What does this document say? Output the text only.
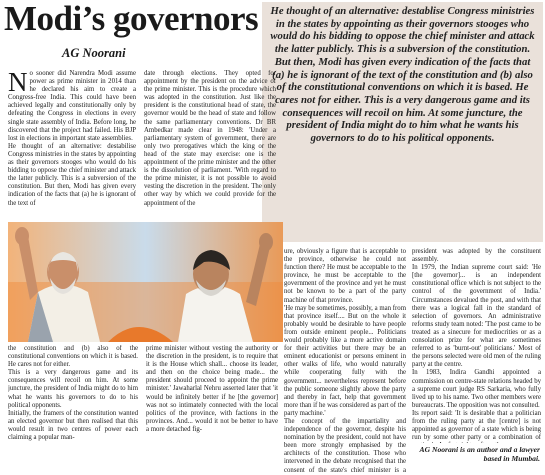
Modi’s governors
AG Noorani
He thought of an alternative: destablise Congress ministries in the states by appointing as their governors stooges who would do his bidding to oppose the chief minister and attack the latter publicly. This is a subversion of the constitution. But then, Modi has given every indication of the facts that (a) he is ignorant of the text of the constitution and (b) also of the constitutional conventions on which it is based. He cares not for either. This is a very dangerous game and its consequences will recoil on him. At some juncture, the president of India might do to him what he wants his governors to do to his political opponents.

No sooner did Narendra Modi assume power as prime minister in 2014 than he declared his aim to create a Congress-free India. This could have been achieved legally and constitutionally only by defeating the Congress in elections in every single state assembly of India. Before long, he discovered that the project had failed. His BJP lost in elections in important state assemblies.

He thought of an alternative: destabilise Congress ministries in the states by appointing as their governors stooges who would do his bidding to oppose the chief minister and attack the latter publicly. This is a subversion of the constitution. But then, Modi has given every indication of the facts that (a) he is ignorant of the text of

date through elections. They opted for appointment by the president on the advice of the prime minister. This is the procedure which was adopted in the constitution. Just like the president is the constitutional head of state, the governor would be the head of state and follow the same parliamentary conventions. Dr BR Ambedkar made clear in 1948: 'Under a parliamentary system of government, there are only two prerogatives which the king or the head of the state may exercise: one is the appointment of the prime minister and the other is the dissolution of parliament. 'With regard to the prime minister, it is not possible to avoid vesting the discretion in the president. The only other way by which we could provide for the appointment of the

the constitution and (b) also of the constitutional conventions on which it is based. He cares not for either.

This is a very dangerous game and its consequences will recoil on him. At some juncture, the president of India might do to him what he wants his governors to do to his political opponents.

Initially, the framers of the constitution wanted an elected governor but then realised that this would result in two centres of power each claiming a popular man-

prime minister without vesting the authority or the discretion in the president, is to require that it is the House which shall... choose its leader, and then on the choice being made... the president should proceed to appoint the prime minister.' Jawaharlal Nehru asserted later that 'it would be infinitely better if he [the governor] was not so intimately connected with the local politics of the province, with factions in the provinces. And... would it not be better to have a more detached fig-

ure, obviously a figure that is acceptable to the province, otherwise he could not function there? He must be acceptable to the province, he must be acceptable to the government of the province and yet he must not be known to be a part of the party machine of that province.

'He may be sometimes, possibly, a man from that province itself.... But on the whole it probably would be desirable to have people from outside eminent people... Politicians would probably like a more active domain for their activities but there may be an eminent educationist or persons eminent in other walks of life, who would naturally while cooperating fully with the government... nevertheless represent before the public someone slightly above the party and thereby in fact, help that government more than if he was considered as part of the party machine.'

The concept of the impartiality and independence of the governor, despite his nomination by the president, could not have been more strongly emphasised by the architects of the constitution. Those who intervened in the debate recognised that the consent of the state's chief minister is a

president was adopted by the constituent assembly.

In 1979, the Indian supreme court said: 'He [the governor]... is an independent constitutional office which is not subject to the control of the government of India.' Circumstances devalued the post, and with that there was a logical fall in the standard of selection of governors. An administrative reforms study team noted: 'The post came to be treated as a sinecure for mediocrities or as a consolation prize for what are sometimes referred to as 'burnt-out' politicians.' Most of the persons selected were old men of the ruling party at the centre.

In 1983, Indira Gandhi appointed a commission on centre-state relations headed by a supreme court judge RS Sarkaria, who fully lived up to his name. Two other members were bureaucrats. The opposition was not consulted.

Its report said: 'It is desirable that a politician from the ruling party at the [centre] is not appointed as governor of a state which is being run by some other party or a combination of

AG Noorani is an author and a lawyer based in Mumbai.
